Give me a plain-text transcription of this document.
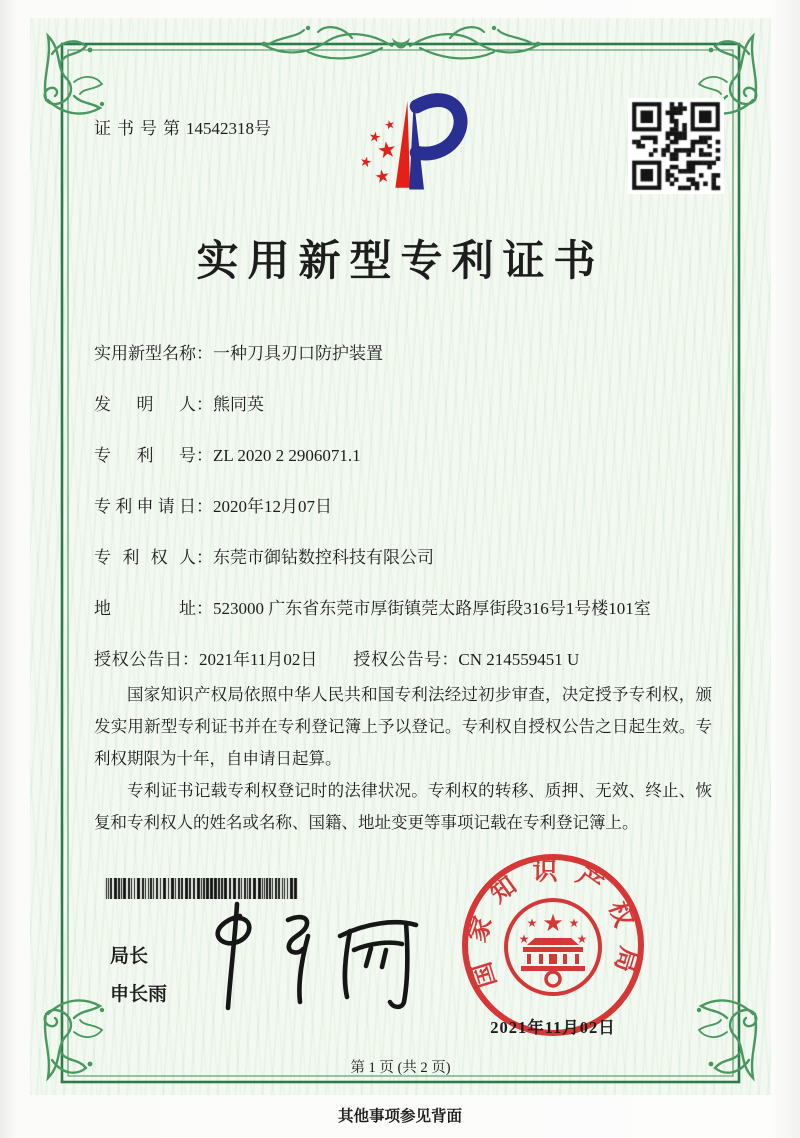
证书号第14542318号	★
★
★
★
★
实用新型专利证书
实用新型名称 ： 一种刀具刃口防护装置
发明人 ： 熊同英
专利号 ： ZL 2020 2 2906071.1
专利申请日 ： 2020年12月07日
专利权人 ： 东莞市御钻数控科技有限公司
地址 ： 523000 广东省东莞市厚街镇莞太路厚街段316号1号楼101室
授权公告日 ： 2021年11月02日 授权公告号 ： CN 214559451 U

国家知识产权局依照中华人民共和国专利法经过初步审查，决定授予专利权，颁发实用新型专利证书并在专利登记簿上予以登记。专利权自授权公告之日起生效。专利权期限为十年，自申请日起算。

专利证书记载专利权登记时的法律状况。专利权的转移、质押、无效、终止、恢复和专利权人的姓名或名称、国籍、地址变更等事项记载在专利登记簿上。

局长
申长雨
国家知识产权局
★
★	★
★	★
2021年11月02日
第 1 页 (共 2 页)
其他事项参见背面
